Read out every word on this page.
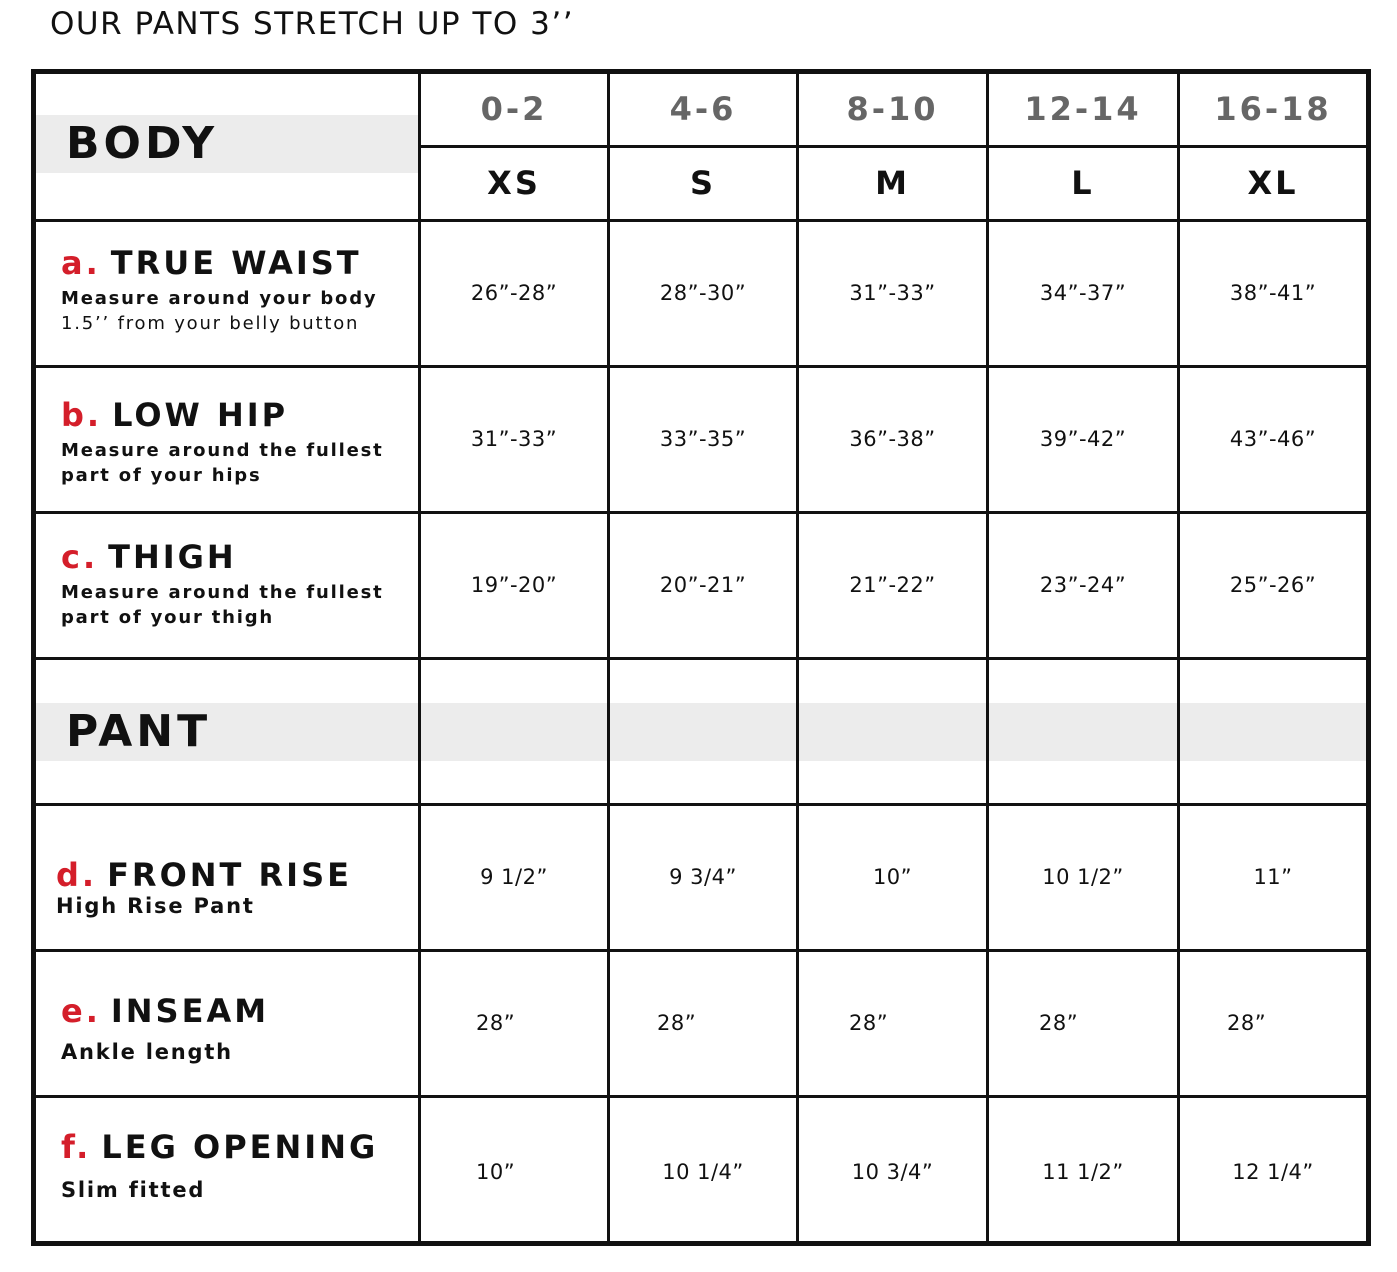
OUR PANTS STRETCH UP TO 3’’
BODY
0-2	4-6	8-10	12-14	16-18
XS	S	M	L	XL
a. TRUE WAIST
Measure around your body
1.5’’ from your belly button
26”-28”	28”-30”	31”-33”	34”-37”	38”-41”
b. LOW HIP
Measure around the fullest
part of your hips
31”-33”	33”-35”	36”-38”	39”-42”	43”-46”
c. THIGH
Measure around the fullest
part of your thigh
19”-20”	20”-21”	21”-22”	23”-24”	25”-26”
PANT
d. FRONT RISE
High Rise Pant
9 1/2”	9 3/4”	10”	10 1/2”	11”
e. INSEAM
Ankle length
28”	28”	28”	28”	28”
f. LEG OPENING
Slim fitted
10”	10 1/4”	10 3/4”	11 1/2”	12 1/4”
